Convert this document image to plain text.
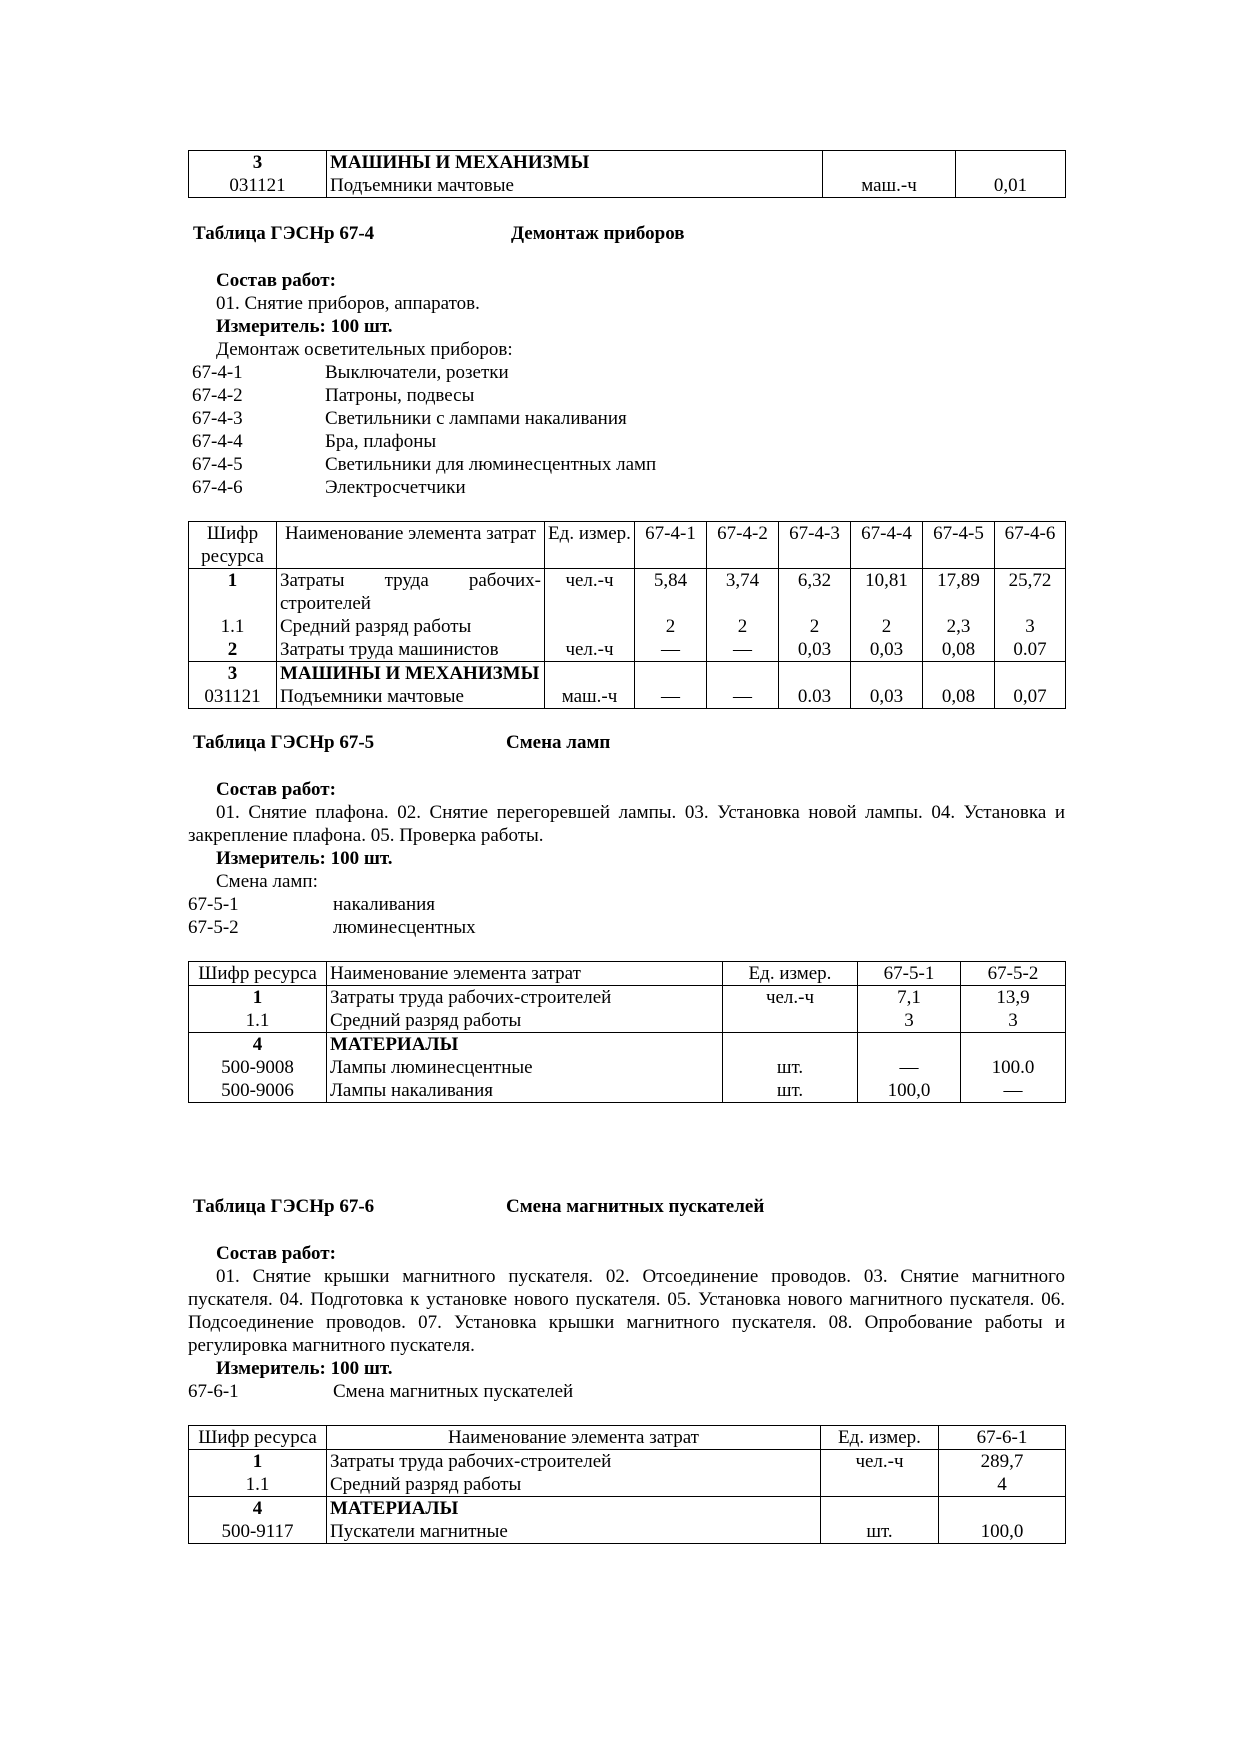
3	МАШИНЫ И МЕХАНИЗМЫ		
031121	Подъемники мачтовые	маш.-ч	0,01
Таблица ГЭСНр 67-4	Демонтаж приборов
Состав работ:
01. Снятие приборов, аппаратов.
Измеритель: 100 шт.
Демонтаж осветительных приборов:
67-4-1	Выключатели, розетки
67-4-2	Патроны, подвесы
67-4-3	Светильники с лампами накаливания
67-4-4	Бра, плафоны
67-4-5	Светильники для люминесцентных ламп
67-4-6	Электросчетчики
Шифр ресурса	Наименование элемента затрат	Ед. измер.	67-4-1	67-4-2	67-4-3	67-4-4	67-4-5	67-4-6
1	Затраты труда рабочих-строителей	чел.-ч	5,84	3,74	6,32	10,81	17,89	25,72
1.1	Средний разряд работы		2	2	2	2	2,3	3
2	Затраты труда машинистов	чел.-ч	—	—	0,03	0,03	0,08	0.07
3	МАШИНЫ И МЕХАНИЗМЫ							
031121	Подъемники мачтовые	маш.-ч	—	—	0.03	0,03	0,08	0,07
Таблица ГЭСНр 67-5	Смена ламп
Состав работ:
01. Снятие плафона. 02. Снятие перегоревшей лампы. 03. Установка новой лампы. 04. Установка и закрепление плафона. 05. Проверка работы.
Измеритель: 100 шт.
Смена ламп:
67-5-1	накаливания
67-5-2	люминесцентных
Шифр ресурса	Наименование элемента затрат	Ед. измер.	67-5-1	67-5-2
1	Затраты труда рабочих-строителей	чел.-ч	7,1	13,9
1.1	Средний разряд работы		3	3
4	МАТЕРИАЛЫ			
500-9008	Лампы люминесцентные	шт.	—	100.0
500-9006	Лампы накаливания	шт.	100,0	—
Таблица ГЭСНр 67-6	Смена магнитных пускателей
Состав работ:
01. Снятие крышки магнитного пускателя. 02. Отсоединение проводов. 03. Снятие магнитного пускателя. 04. Подготовка к установке нового пускателя. 05. Установка нового магнитного пускателя. 06. Подсоединение проводов. 07. Установка крышки магнитного пускателя. 08. Опробование работы и регулировка магнитного пускателя.
Измеритель: 100 шт.
67-6-1	Смена магнитных пускателей
Шифр ресурса	Наименование элемента затрат	Ед. измер.	67-6-1
1	Затраты труда рабочих-строителей	чел.-ч	289,7
1.1	Средний разряд работы		4
4	МАТЕРИАЛЫ		
500-9117	Пускатели магнитные	шт.	100,0
